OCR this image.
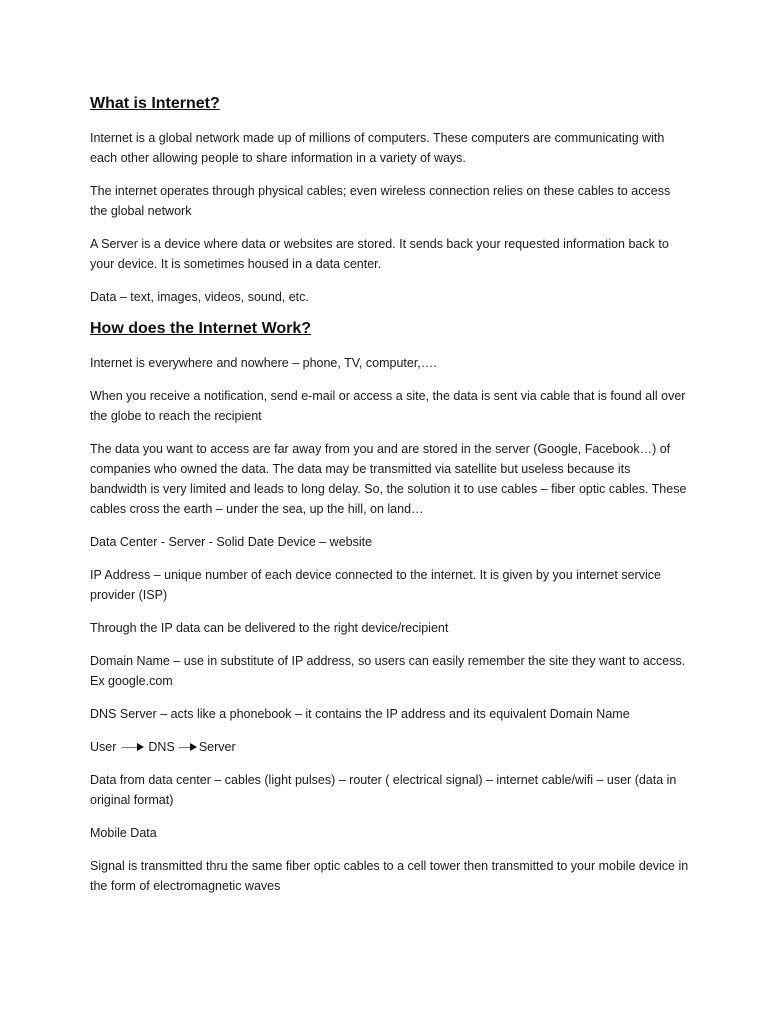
What is Internet?

Internet is a global network made up of millions of computers. These computers are communicating with each other allowing people to share information in a variety of ways.

The internet operates through physical cables; even wireless connection relies on these cables to access the global network

A Server is a device where data or websites are stored. It sends back your requested information back to your device. It is sometimes housed in a data center.

Data – text, images, videos, sound, etc.

How does the Internet Work?

Internet is everywhere and nowhere – phone, TV, computer,….

When you receive a notification, send e-mail or access a site, the data is sent via cable that is found all over the globe to reach the recipient

The data you want to access are far away from you and are stored in the server (Google, Facebook…) of companies who owned the data. The data may be transmitted via satellite but useless because its bandwidth is very limited and leads to long delay. So, the solution it to use cables – fiber optic cables. These cables cross the earth – under the sea, up the hill, on land…

Data Center - Server - Solid Date Device – website

IP Address – unique number of each device connected to the internet. It is given by you internet service provider (ISP)

Through the IP data can be delivered to the right device/recipient

Domain Name – use in substitute of IP address, so users can easily remember the site they want to access. Ex google.com

DNS Server – acts like a phonebook – it contains the IP address and its equivalent Domain Name

User	DNS Server

Data from data center – cables (light pulses) – router ( electrical signal) – internet cable/wifi – user (data in original format)

Mobile Data

Signal is transmitted thru the same fiber optic cables to a cell tower then transmitted to your mobile device in the form of electromagnetic waves
